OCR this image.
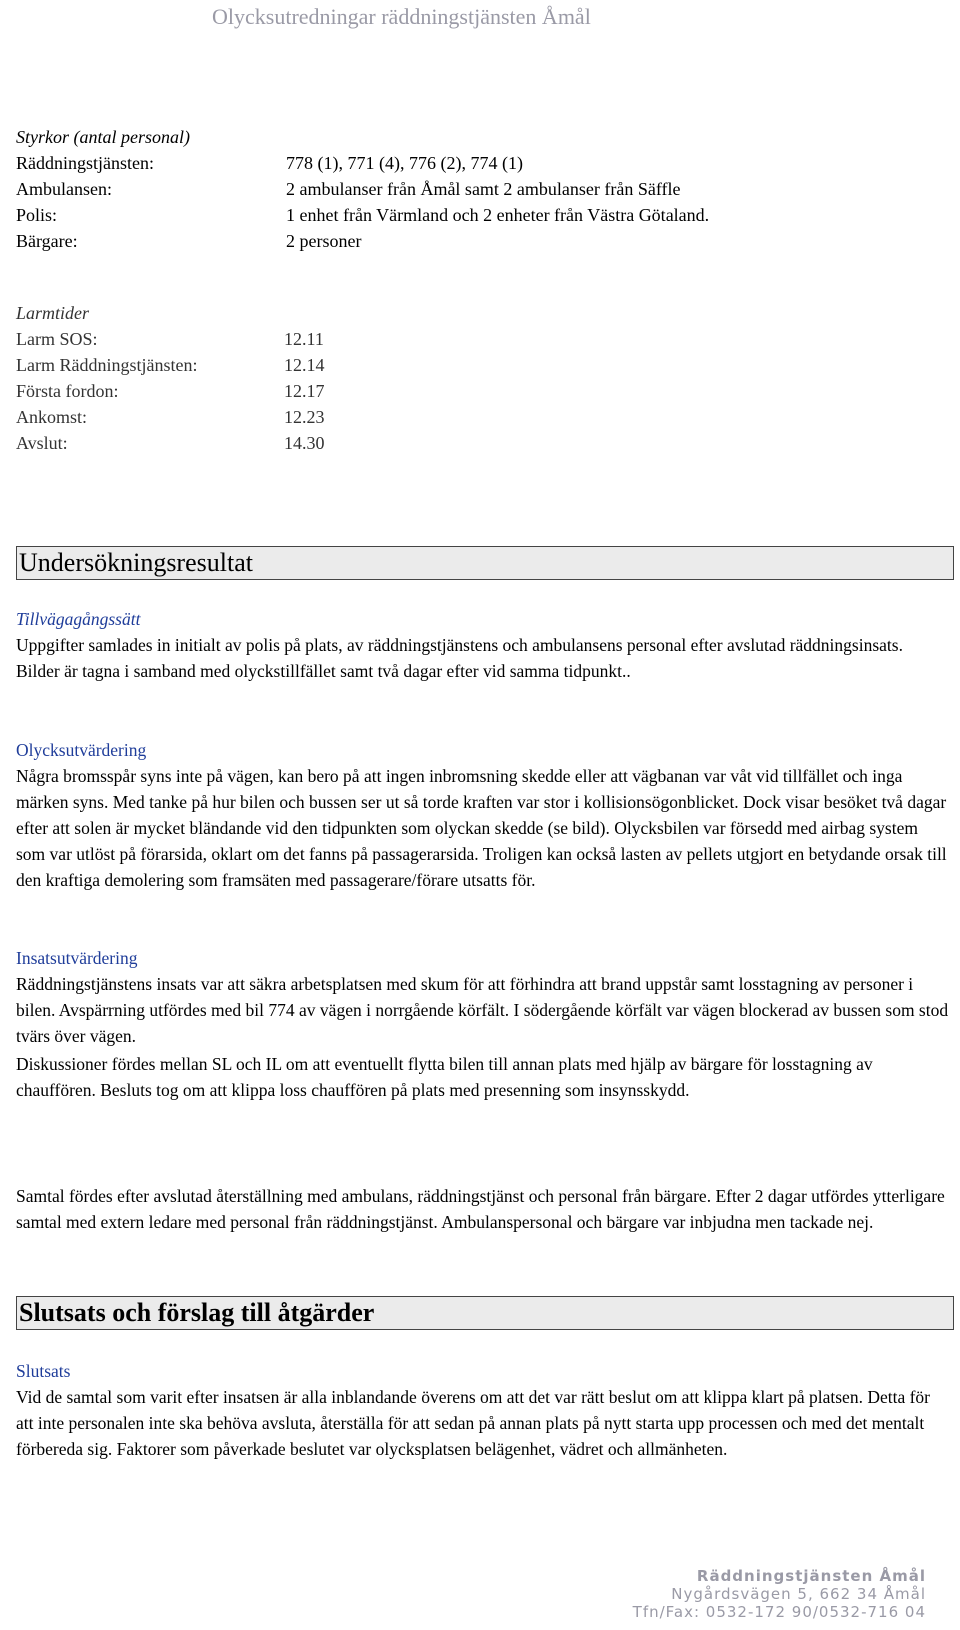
Olycksutredningar räddningstjänsten Åmål
Styrkor (antal personal)
Räddningstjänsten:	778 (1), 771 (4), 776 (2), 774 (1)
Ambulansen:	2 ambulanser från Åmål samt 2 ambulanser från Säffle
Polis:	1 enhet från Värmland och 2 enheter från Västra Götaland.
Bärgare:	2 personer
Larmtider
Larm SOS:	12.11
Larm Räddningstjänsten:	12.14
Första fordon:	12.17
Ankomst:	12.23
Avslut:	14.30
Undersökningsresultat

Tillvägagångssätt

Uppgifter samlades in initialt av polis på plats, av räddningstjänstens och ambulansens personal efter avslutad räddningsinsats. Bilder är tagna i samband med olyckstillfället samt två dagar efter vid samma tidpunkt..

Olycksutvärdering

Några bromsspår syns inte på vägen, kan bero på att ingen inbromsning skedde eller att vägbanan var våt vid tillfället och inga märken syns. Med tanke på hur bilen och bussen ser ut så torde kraften var stor i kollisionsögonblicket. Dock visar besöket två dagar efter att solen är mycket bländande vid den tidpunkten som olyckan skedde (se bild). Olycksbilen var försedd med airbag system som var utlöst på förarsida, oklart om det fanns på passagerarsida. Troligen kan också lasten av pellets utgjort en betydande orsak till den kraftiga demolering som framsäten med passagerare/förare utsatts för.

Insatsutvärdering

Räddningstjänstens insats var att säkra arbetsplatsen med skum för att förhindra att brand uppstår samt losstagning av personer i bilen. Avspärrning utfördes med bil 774 av vägen i norrgående körfält. I södergående körfält var vägen blockerad av bussen som stod tvärs över vägen.

Diskussioner fördes mellan SL och IL om att eventuellt flytta bilen till annan plats med hjälp av bärgare för losstagning av chauffören. Besluts tog om att klippa loss chauffören på plats med presenning som insynsskydd.

Samtal fördes efter avslutad återställning med ambulans, räddningstjänst och personal från bärgare. Efter 2 dagar utfördes ytterligare samtal med extern ledare med personal från räddningstjänst. Ambulanspersonal och bärgare var inbjudna men tackade nej.

Slutsats och förslag till åtgärder

Slutsats

Vid de samtal som varit efter insatsen är alla inblandande överens om att det var rätt beslut om att klippa klart på platsen. Detta för att inte personalen inte ska behöva avsluta, återställa för att sedan på annan plats på nytt starta upp processen och med det mentalt förbereda sig. Faktorer som påverkade beslutet var olycksplatsen belägenhet, vädret och allmänheten.

Räddningstjänsten Åmål
Nygårdsvägen 5, 662 34 Åmål
Tfn/Fax: 0532-172 90/0532-716 04
